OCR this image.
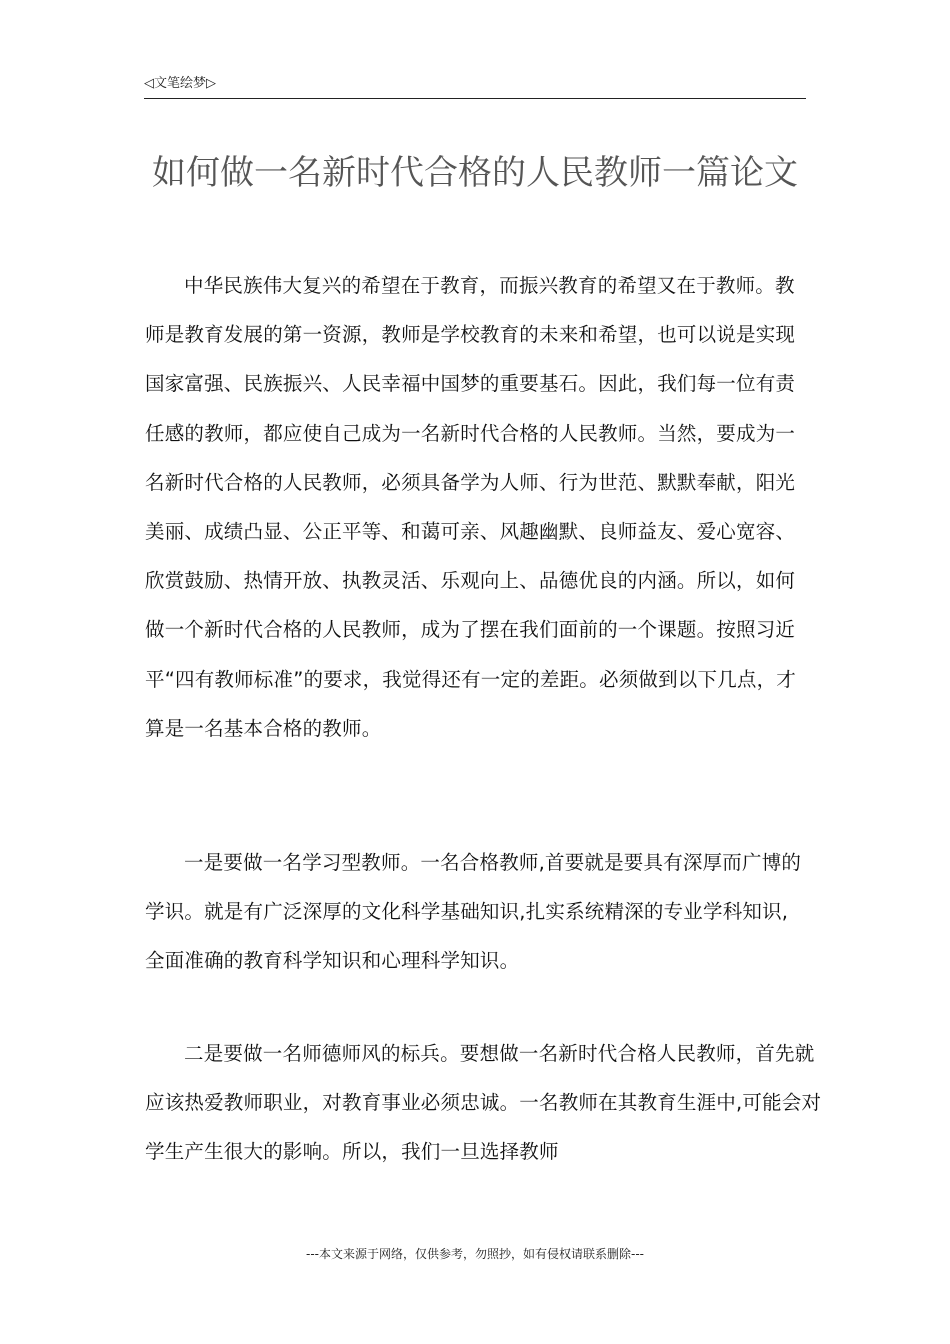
◁文笔绘梦▷
如何做一名新时代合格的人民教师一篇论文

中华民族伟大复兴的希望在于教育，而振兴教育的希望又在于教师。教师是教育发展的第一资源，教师是学校教育的未来和希望，也可以说是实现国家富强、民族振兴、人民幸福中国梦的重要基石。因此，我们每一位有责任感的教师，都应使自己成为一名新时代合格的人民教师。当然，要成为一名新时代合格的人民教师，必须具备学为人师、行为世范、默默奉献，阳光美丽、成绩凸显、公正平等、和蔼可亲、风趣幽默、良师益友、爱心宽容、欣赏鼓励、热情开放、执教灵活、乐观向上、品德优良的内涵。所以，如何做一个新时代合格的人民教师，成为了摆在我们面前的一个课题。按照习近平“四有教师标准”的要求，我觉得还有一定的差距。必须做到以下几点，才算是一名基本合格的教师。

一是要做一名学习型教师。一名合格教师,首要就是要具有深厚而广博的学识。就是有广泛深厚的文化科学基础知识,扎实系统精深的专业学科知识,全面准确的教育科学知识和心理科学知识。

二是要做一名师德师风的标兵。要想做一名新时代合格人民教师，首先就应该热爱教师职业，对教育事业必须忠诚。一名教师在其教育生涯中,可能会对学生产生很大的影响。所以，我们一旦选择教师

---本文来源于网络，仅供参考，勿照抄，如有侵权请联系删除---
